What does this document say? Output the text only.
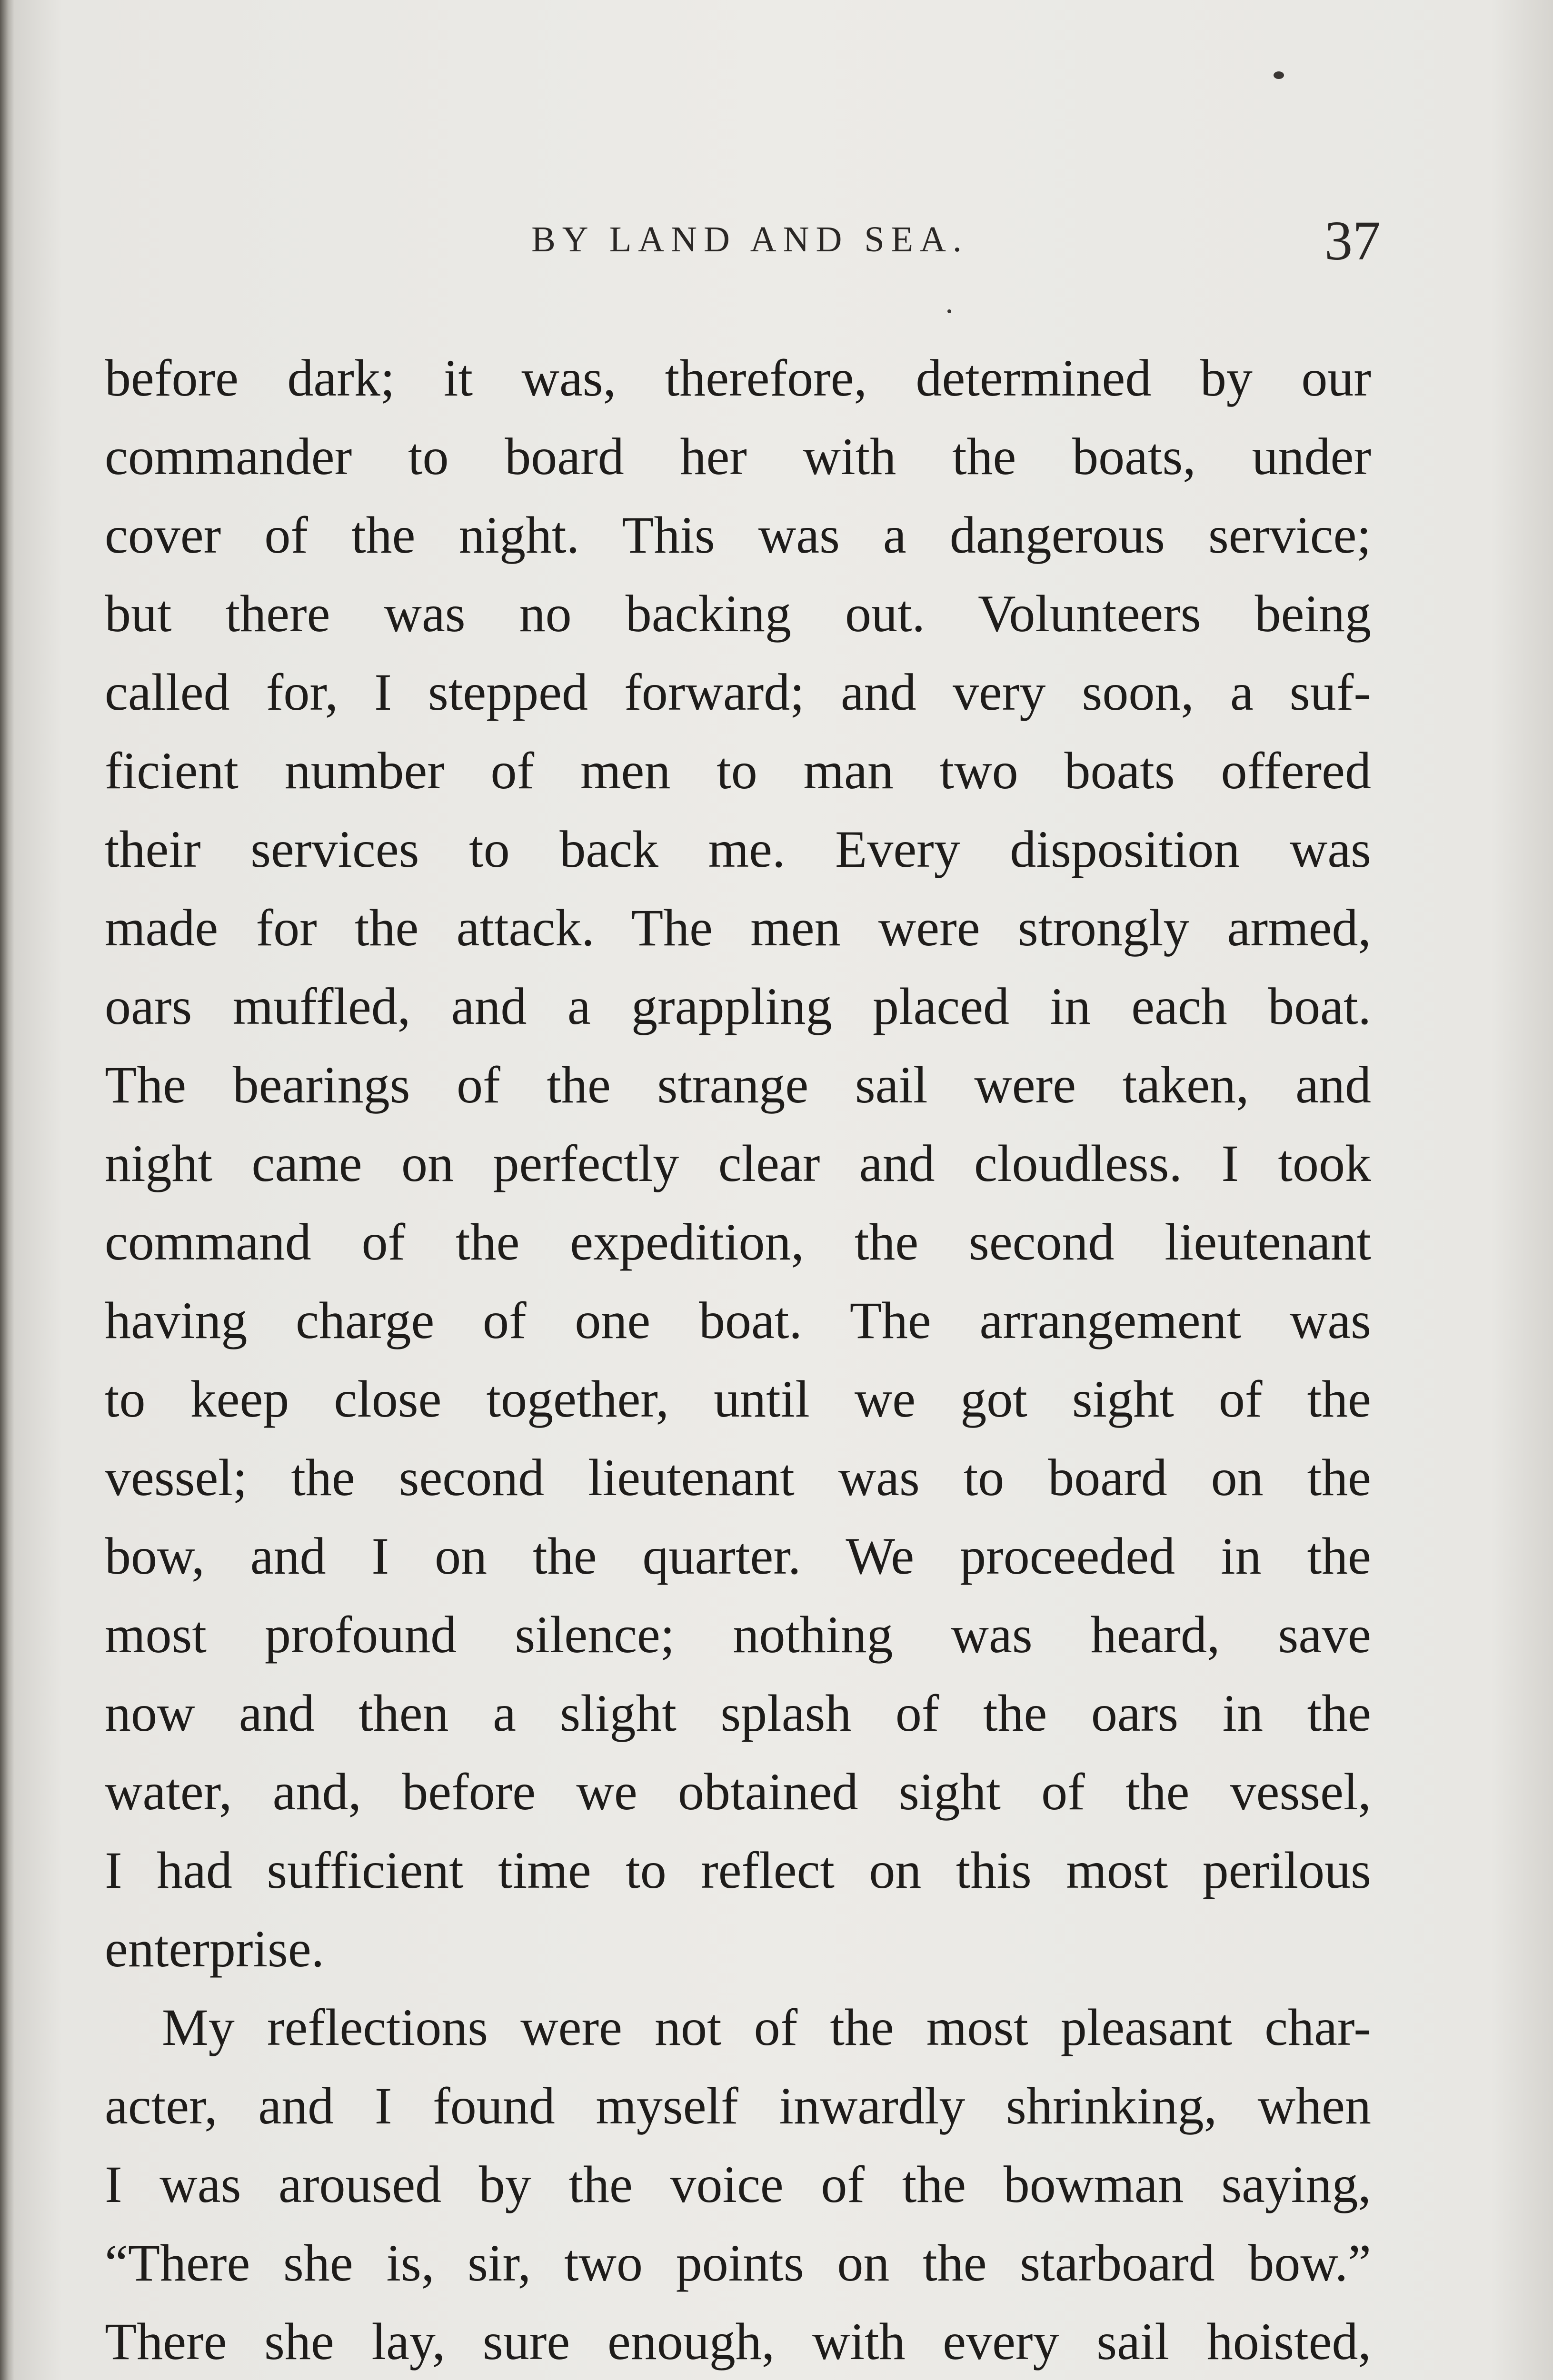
BY LAND AND SEA.	37
before dark; it was, therefore, determined by our
commander to board her with the boats, under
cover of the night. This was a dangerous service;
but there was no backing out. Volunteers being
called for, I stepped forward; and very soon, a suf-
ficient number of men to man two boats offered
their services to back me. Every disposition was
made for the attack. The men were strongly armed,
oars muffled, and a grappling placed in each boat.
The bearings of the strange sail were taken, and
night came on perfectly clear and cloudless. I took
command of the expedition, the second lieutenant
having charge of one boat. The arrangement was
to keep close together, until we got sight of the
vessel; the second lieutenant was to board on the
bow, and I on the quarter. We proceeded in the
most profound silence; nothing was heard, save
now and then a slight splash of the oars in the
water, and, before we obtained sight of the vessel,
I had sufficient time to reflect on this most perilous
enterprise.
My reflections were not of the most pleasant char-
acter, and I found myself inwardly shrinking, when
I was aroused by the voice of the bowman saying,
“There she is, sir, two points on the starboard bow.”
There she lay, sure enough, with every sail hoisted,
